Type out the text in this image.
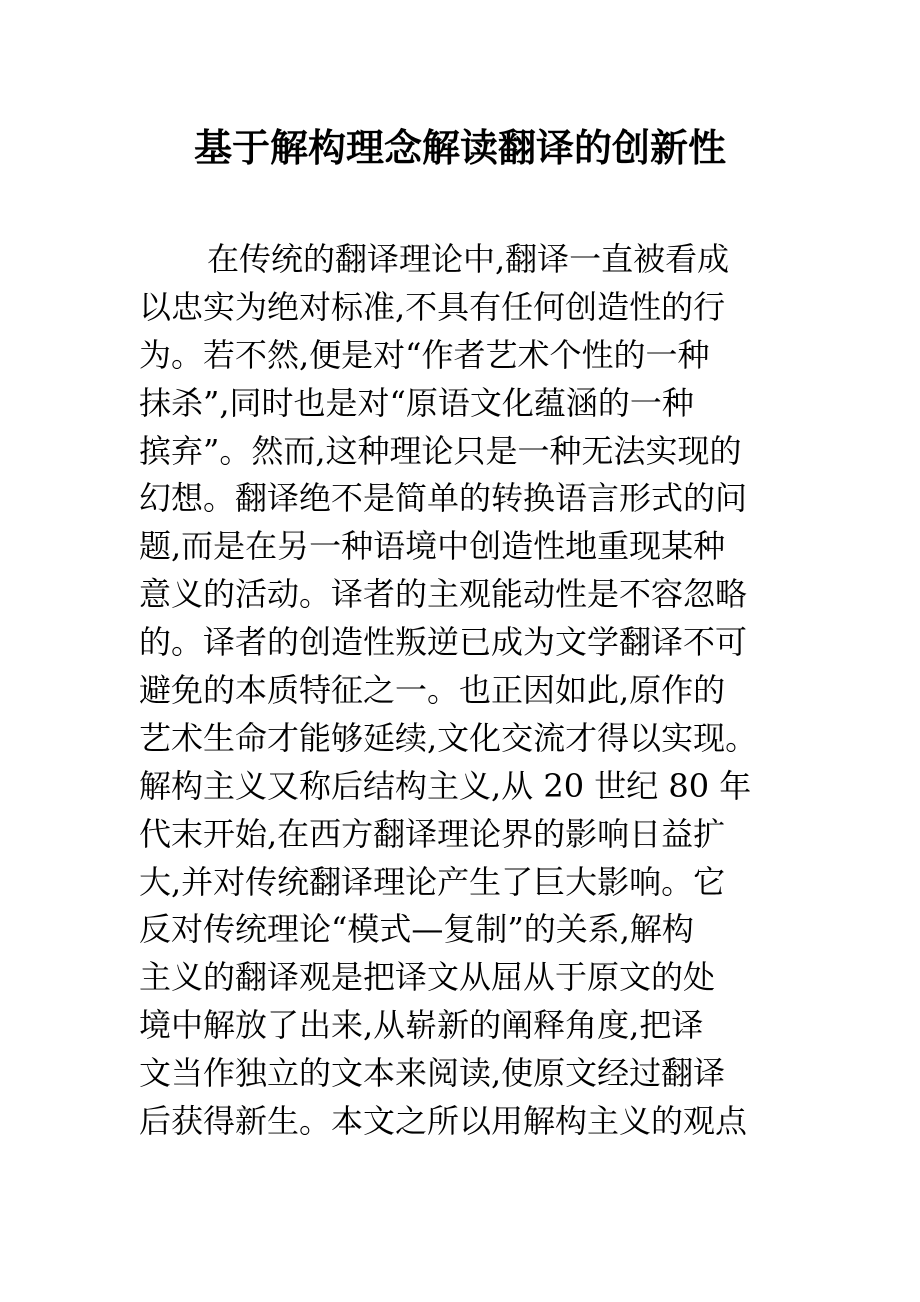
基于解构理念解读翻译的创新性
在传统的翻译理论中,翻译一直被看成
以忠实为绝对标准,不具有任何创造性的行
为。若不然,便是对“作者艺术个性的一种
抹杀”,同时也是对“原语文化蕴涵的一种
摈弃”。然而,这种理论只是一种无法实现的
幻想。翻译绝不是简单的转换语言形式的问
题,而是在另一种语境中创造性地重现某种
意义的活动。译者的主观能动性是不容忽略
的。译者的创造性叛逆已成为文学翻译不可
避免的本质特征之一。也正因如此,原作的
艺术生命才能够延续,文化交流才得以实现。
解构主义又称后结构主义,从 20 世纪 80 年
代末开始,在西方翻译理论界的影响日益扩
大,并对传统翻译理论产生了巨大影响。它
反对传统理论“模式—复制”的关系,解构
主义的翻译观是把译文从屈从于原文的处
境中解放了出来,从崭新的阐释角度,把译
文当作独立的文本来阅读,使原文经过翻译
后获得新生。本文之所以用解构主义的观点
